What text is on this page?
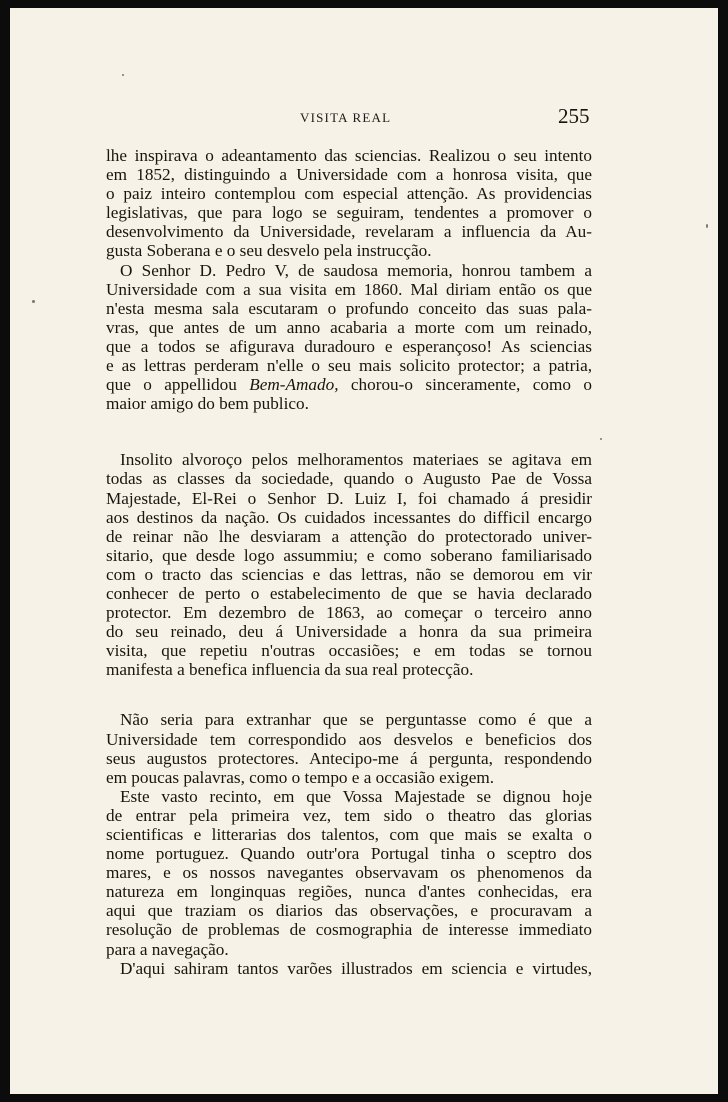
VISITA REAL	255
lhe inspirava o adeantamento das sciencias. Realizou o seu intento
em 1852, distinguindo a Universidade com a honrosa visita, que
o paiz inteiro contemplou com especial attenção. As providencias
legislativas, que para logo se seguiram, tendentes a promover o
desenvolvimento da Universidade, revelaram a influencia da Au-
gusta Soberana e o seu desvelo pela instrucção.
O Senhor D. Pedro V, de saudosa memoria, honrou tambem a
Universidade com a sua visita em 1860. Mal diriam então os que
n'esta mesma sala escutaram o profundo conceito das suas pala-
vras, que antes de um anno acabaria a morte com um reinado,
que a todos se afigurava duradouro e esperançoso! As sciencias
e as lettras perderam n'elle o seu mais solicito protector; a patria,
que o appellidou Bem-Amado, chorou-o sinceramente, como o
maior amigo do bem publico.
Insolito alvoroço pelos melhoramentos materiaes se agitava em
todas as classes da sociedade, quando o Augusto Pae de Vossa
Majestade, El-Rei o Senhor D. Luiz I, foi chamado á presidir
aos destinos da nação. Os cuidados incessantes do difficil encargo
de reinar não lhe desviaram a attenção do protectorado univer-
sitario, que desde logo assummiu; e como soberano familiarisado
com o tracto das sciencias e das lettras, não se demorou em vir
conhecer de perto o estabelecimento de que se havia declarado
protector. Em dezembro de 1863, ao começar o terceiro anno
do seu reinado, deu á Universidade a honra da sua primeira
visita, que repetiu n'outras occasiões; e em todas se tornou
manifesta a benefica influencia da sua real protecção.
Não seria para extranhar que se perguntasse como é que a
Universidade tem correspondido aos desvelos e beneficios dos
seus augustos protectores. Antecipo-me á pergunta, respondendo
em poucas palavras, como o tempo e a occasião exigem.
Este vasto recinto, em que Vossa Majestade se dignou hoje
de entrar pela primeira vez, tem sido o theatro das glorias
scientificas e litterarias dos talentos, com que mais se exalta o
nome portuguez. Quando outr'ora Portugal tinha o sceptro dos
mares, e os nossos navegantes observavam os phenomenos da
natureza em longinquas regiões, nunca d'antes conhecidas, era
aqui que traziam os diarios das observações, e procuravam a
resolução de problemas de cosmographia de interesse immediato
para a navegação.
D'aqui sahiram tantos varões illustrados em sciencia e virtudes,
